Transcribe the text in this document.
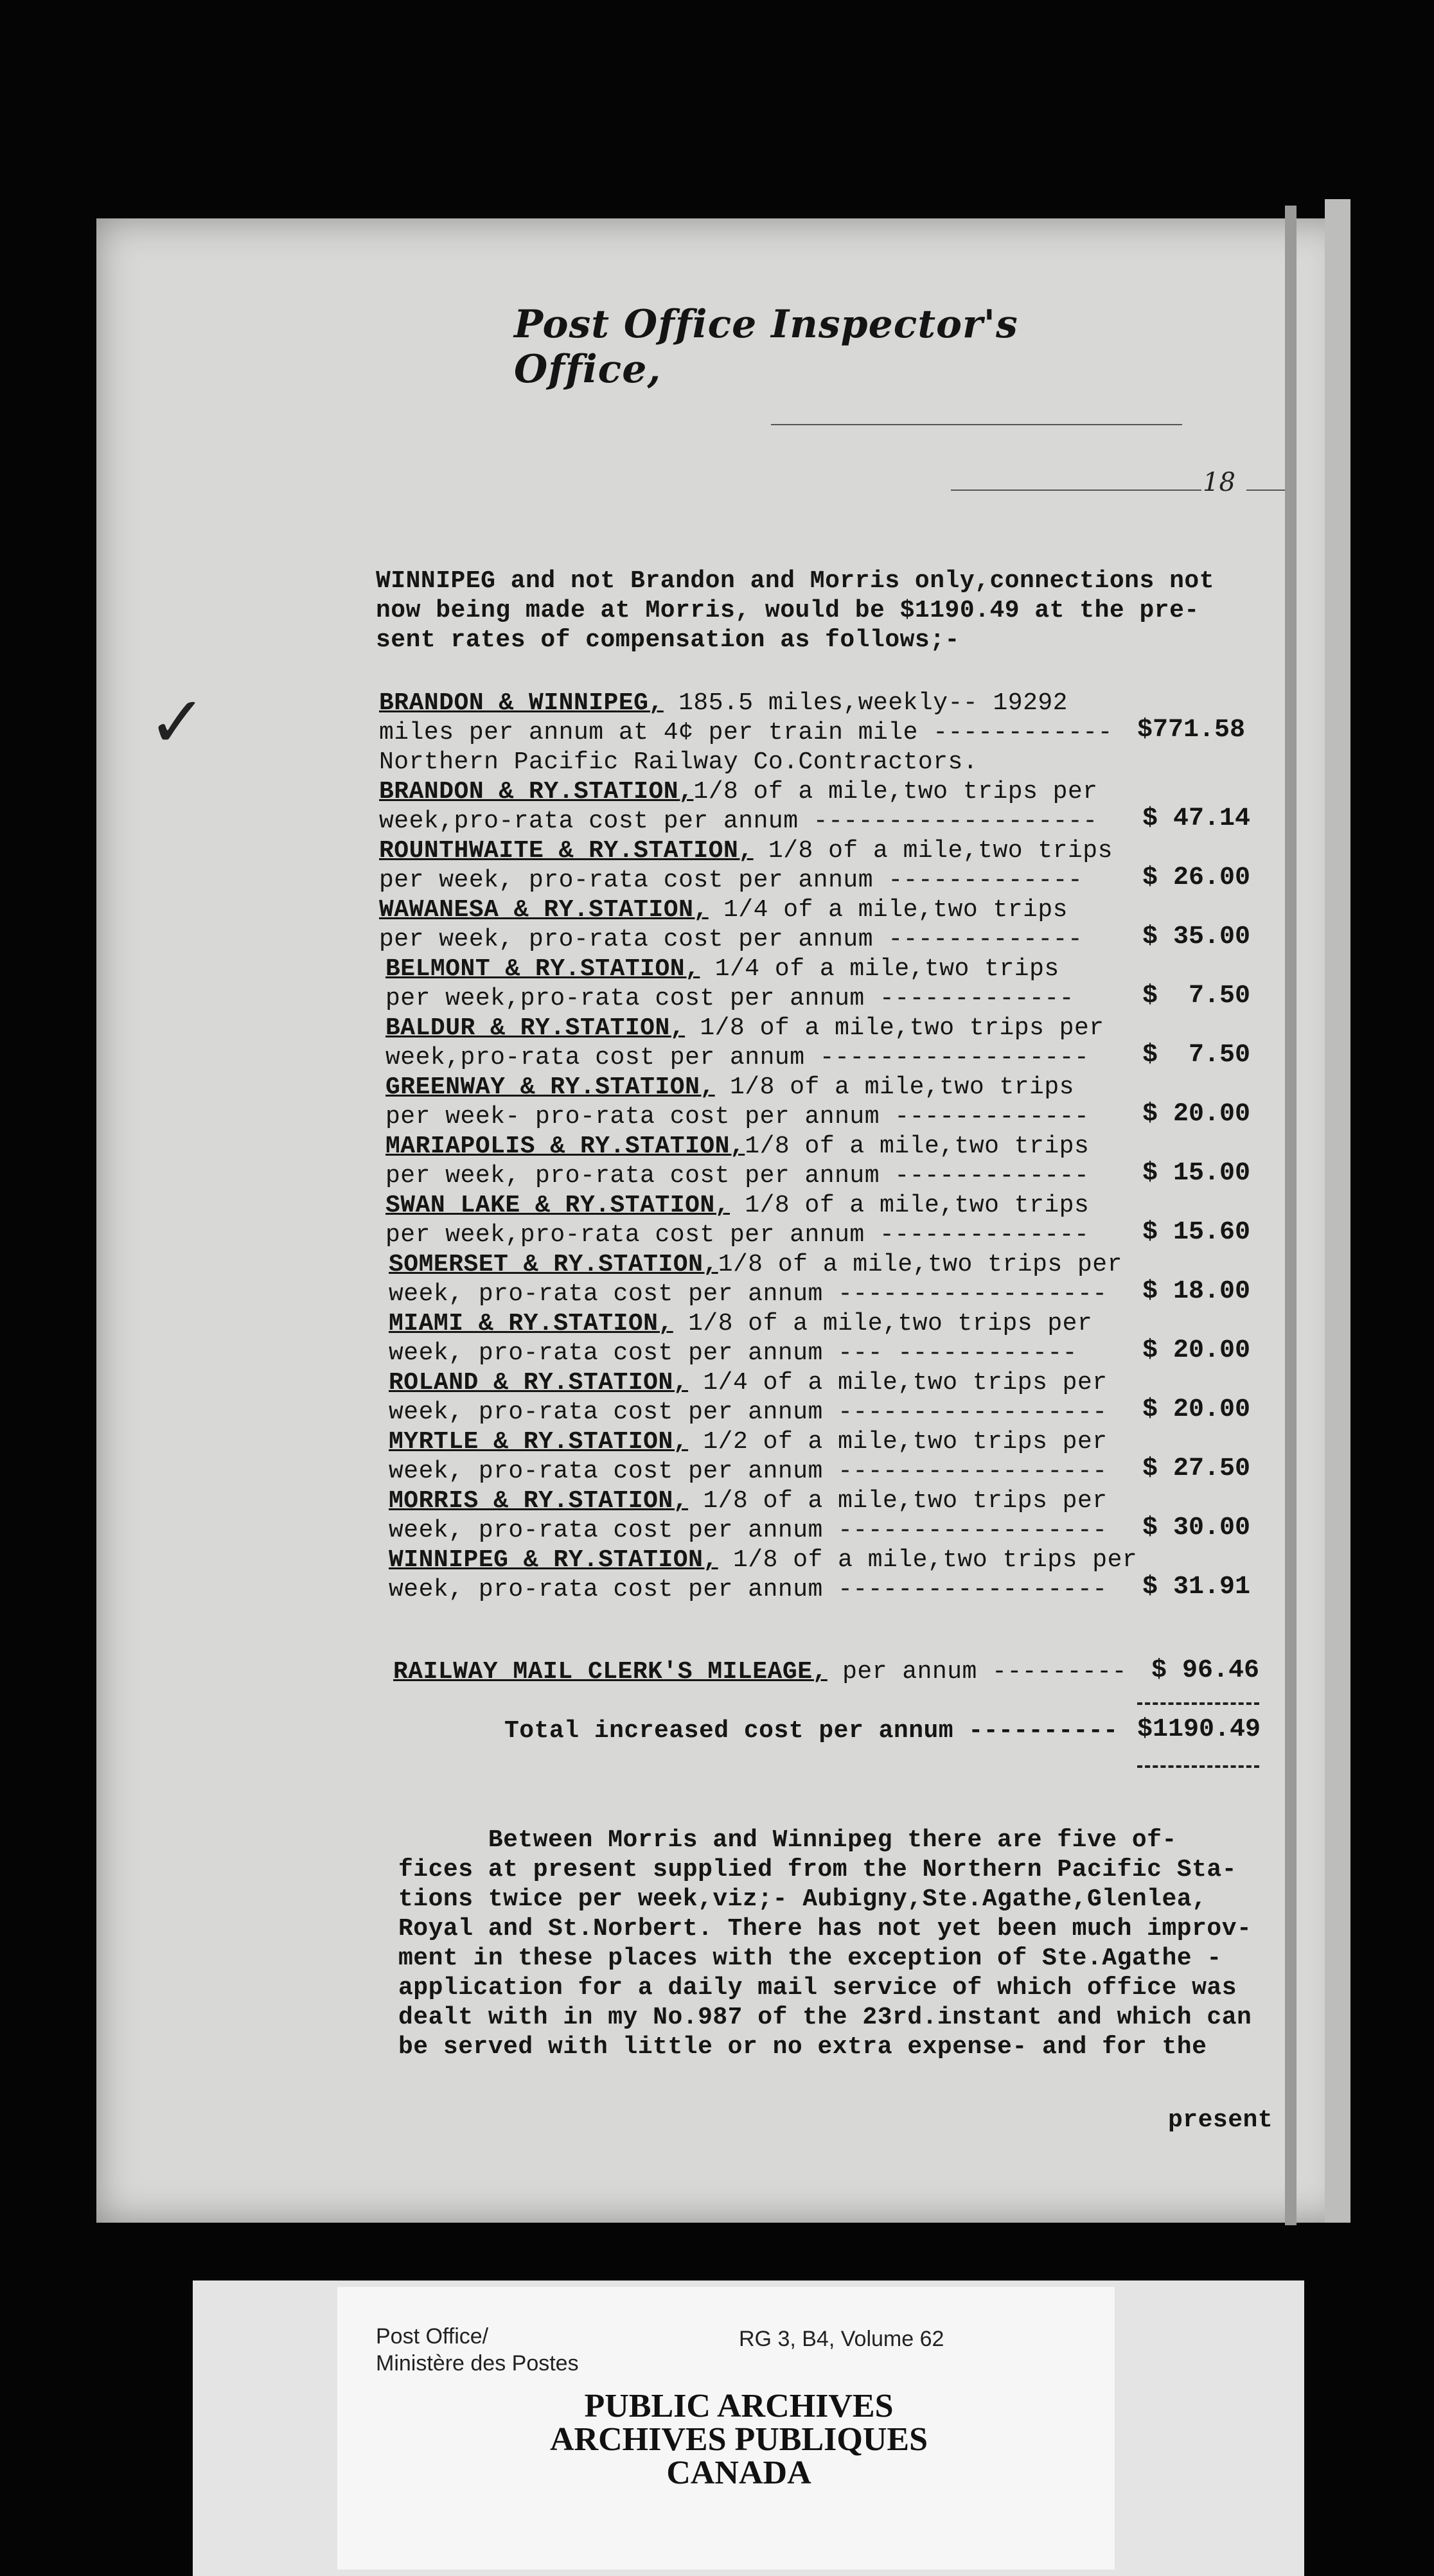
Post Office Inspector's Office,
18
WINNIPEG and not Brandon and Morris only,connections not
now being made at Morris, would be $1190.49 at the pre-
sent rates of compensation as follows;-
✓	BRANDON & WINNIPEG, 185.5 miles,weekly-- 19292
miles per annum at 4¢ per train mile ------------ $771.58
Northern Pacific Railway Co.Contractors.
BRANDON & RY.STATION,1/8 of a mile,two trips per
week,pro-rata cost per annum ------------------- $ 47.14
ROUNTHWAITE & RY.STATION, 1/8 of a mile,two trips
per week, pro-rata cost per annum ------------- $ 26.00
WAWANESA & RY.STATION, 1/4 of a mile,two trips
per week, pro-rata cost per annum ------------- $ 35.00
BELMONT & RY.STATION, 1/4 of a mile,two trips
per week,pro-rata cost per annum -------------	$  7.50
BALDUR & RY.STATION, 1/8 of a mile,two trips per
week,pro-rata cost per annum ------------------ $  7.50
GREENWAY & RY.STATION, 1/8 of a mile,two trips
per week- pro-rata cost per annum ------------- $ 20.00
MARIAPOLIS & RY.STATION,1/8 of a mile,two trips
per week, pro-rata cost per annum ------------- $ 15.00
SWAN LAKE & RY.STATION, 1/8 of a mile,two trips
per week,pro-rata cost per annum -------------- $ 15.60
SOMERSET & RY.STATION,1/8 of a mile,two trips per
week, pro-rata cost per annum ------------------ $ 18.00
MIAMI & RY.STATION, 1/8 of a mile,two trips per
week, pro-rata cost per annum --- ------------	$ 20.00
ROLAND & RY.STATION, 1/4 of a mile,two trips per
week, pro-rata cost per annum ------------------ $ 20.00
MYRTLE & RY.STATION, 1/2 of a mile,two trips per
week, pro-rata cost per annum ------------------ $ 27.50
MORRIS & RY.STATION, 1/8 of a mile,two trips per
week, pro-rata cost per annum ------------------ $ 30.00
WINNIPEG & RY.STATION, 1/8 of a mile,two trips per
week, pro-rata cost per annum ------------------ $ 31.91
RAILWAY MAIL CLERK'S MILEAGE, per annum --------- $ 96.46
Total increased cost per annum ---------- $1190.49
Between Morris and Winnipeg there are five of-
fices at present supplied from the Northern Pacific Sta-
tions twice per week,viz;- Aubigny,Ste.Agathe,Glenlea,
Royal and St.Norbert. There has not yet been much improv-
ment in these places with the exception of Ste.Agathe -
application for a daily mail service of which office was
dealt with in my No.987 of the 23rd.instant and which can
be served with little or no extra expense- and for the
present
Post Office/
Ministère des Postes
RG 3, B4, Volume 62
PUBLIC ARCHIVES
ARCHIVES PUBLIQUES
CANADA
